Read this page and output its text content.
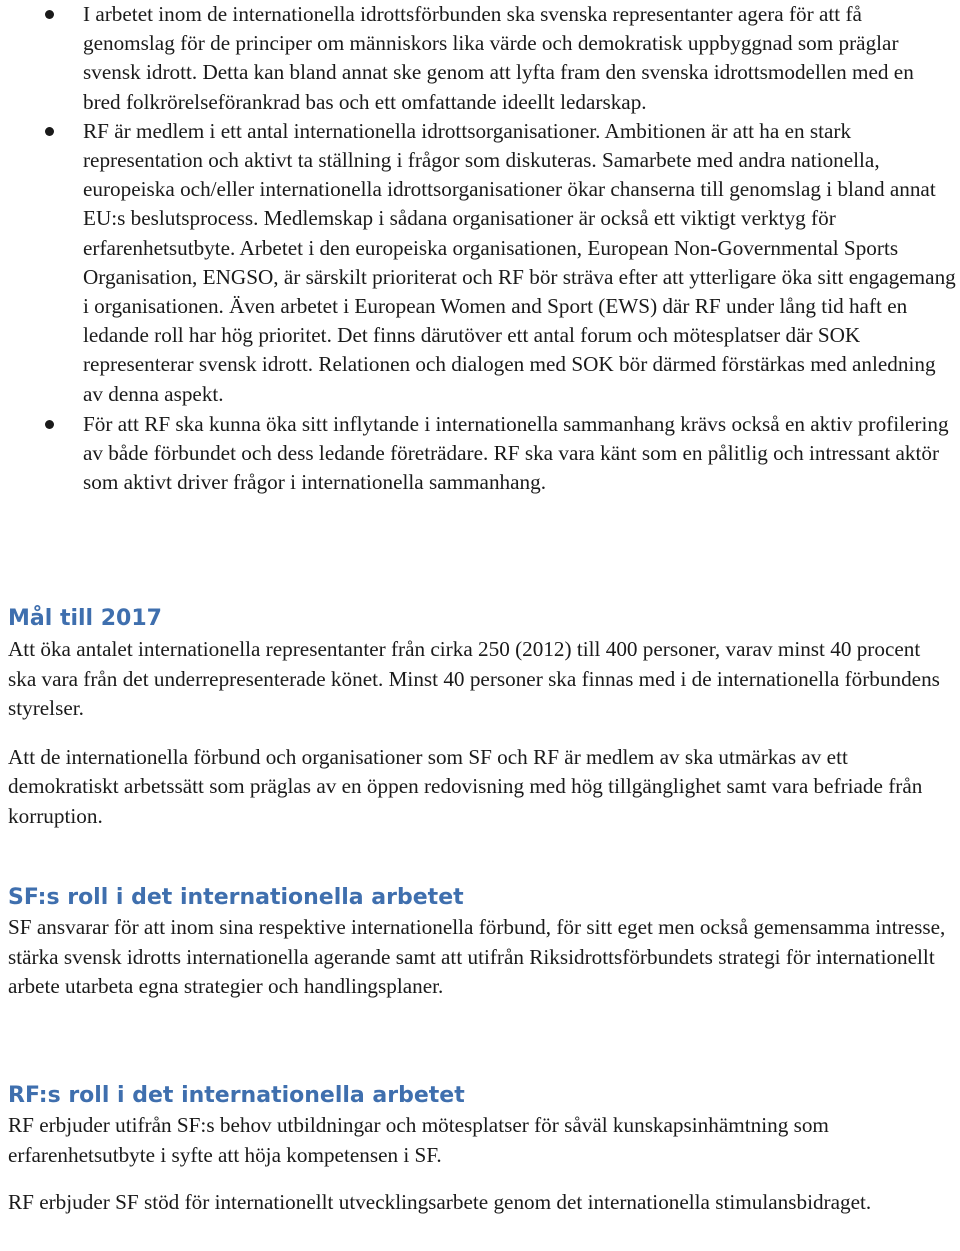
I arbetet inom de internationella idrottsförbunden ska svenska representanter agera för att få genomslag för de principer om människors lika värde och demokratisk uppbyggnad som präglar svensk idrott. Detta kan bland annat ske genom att lyfta fram den svenska idrottsmodellen med en bred folkrörelseförankrad bas och ett omfattande ideellt ledarskap.
RF är medlem i ett antal internationella idrottsorganisationer. Ambitionen är att ha en stark representation och aktivt ta ställning i frågor som diskuteras. Samarbete med andra nationella, europeiska och/eller internationella idrottsorganisationer ökar chanserna till genomslag i bland annat EU:s beslutsprocess. Medlemskap i sådana organisationer är också ett viktigt verktyg för erfarenhetsutbyte. Arbetet i den europeiska organisationen, European Non-Governmental Sports Organisation, ENGSO, är särskilt prioriterat och RF bör sträva efter att ytterligare öka sitt engagemang i organisationen. Även arbetet i European Women and Sport (EWS) där RF under lång tid haft en ledande roll har hög prioritet. Det finns därutöver ett antal forum och mötesplatser där SOK representerar svensk idrott. Relationen och dialogen med SOK bör därmed förstärkas med anledning av denna aspekt.
För att RF ska kunna öka sitt inflytande i internationella sammanhang krävs också en aktiv profilering av både förbundet och dess ledande företrädare. RF ska vara känt som en pålitlig och intressant aktör som aktivt driver frågor i internationella sammanhang.
Mål till 2017

Att öka antalet internationella representanter från cirka 250 (2012) till 400 personer, varav minst 40 procent ska vara från det underrepresenterade könet. Minst 40 personer ska finnas med i de internationella förbundens styrelser.

Att de internationella förbund och organisationer som SF och RF är medlem av ska utmärkas av ett demokratiskt arbetssätt som präglas av en öppen redovisning med hög tillgänglighet samt vara befriade från korruption.

SF:s roll i det internationella arbetet

SF ansvarar för att inom sina respektive internationella förbund, för sitt eget men också gemensamma intresse, stärka svensk idrotts internationella agerande samt att utifrån Riksidrottsförbundets strategi för internationellt arbete utarbeta egna strategier och handlingsplaner.

RF:s roll i det internationella arbetet

RF erbjuder utifrån SF:s behov utbildningar och mötesplatser för såväl kunskapsinhämtning som erfarenhetsutbyte i syfte att höja kompetensen i SF.

RF erbjuder SF stöd för internationellt utvecklingsarbete genom det internationella stimulansbidraget.
